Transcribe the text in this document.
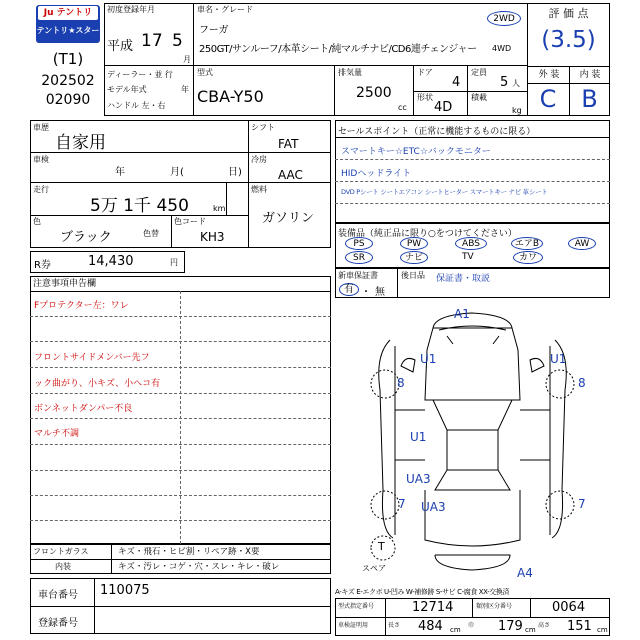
Ju テントリ
テントリ★スター
(T1)
202502
02090
初度登録年月
平成 17 5
月
ディーラー・並 行
モデル年式	年
ハンドル 左・右
車名・グレード
フーガ
250GT/サンルーフ/本革シート/純マルチナビ/CD6連チェンジャー
2WD
4WD
型式
CBA-Y50
排気量
2500
cc
ドア
4
定員
5 人
形状
4D
積載
kg
評 価 点
(3.5)
外 装	内 装
C	B
車歴
自家用
車検
年	月(	日)
走行
5万 1千 450	km
色
ブラック	色替
色コード
KH3
シフト
FAT
冷房
AAC
燃料
ガソリン
R券	14,430	円
セールスポイント（正常に機能するものに限る）
スマートキー☆ETC☆バックモニター
HIDヘッドライト
DVD Pシート シートエアコン シートヒーター スマートキー ナビ 革シート
装備品（純正品に限り○をつけてください）
PS	PW	ABS	エアB	AW
SR	ナビ	TV	カワ
新車保証書
有 ・ 無
後日品 保証書・取説
注意事項申告欄
Fプロテクター左：ワレ
フロントサイドメンバー先フ
ック曲がり、小キズ、小ヘコ有
ボンネットダンパー不良
マルチ不調
A1
U1	U1
8	8
U1
UA3
UA3
7	7
T
スペア	A4
フロントガラス	キズ・飛石・ヒビ割・リペア跡・X要
内装	キズ・汚レ・コゲ・穴・スレ・キレ・破レ
車台番号 110075
登録番号
A-キズ E-エクボ U-凹み W-補修跡 S-サビ C-腐食 XX-交換済
型式指定番号	12714	類別区分番号	0064
車検証明用	長さ 484 cm
巾 179 cm
高さ 151 cm
